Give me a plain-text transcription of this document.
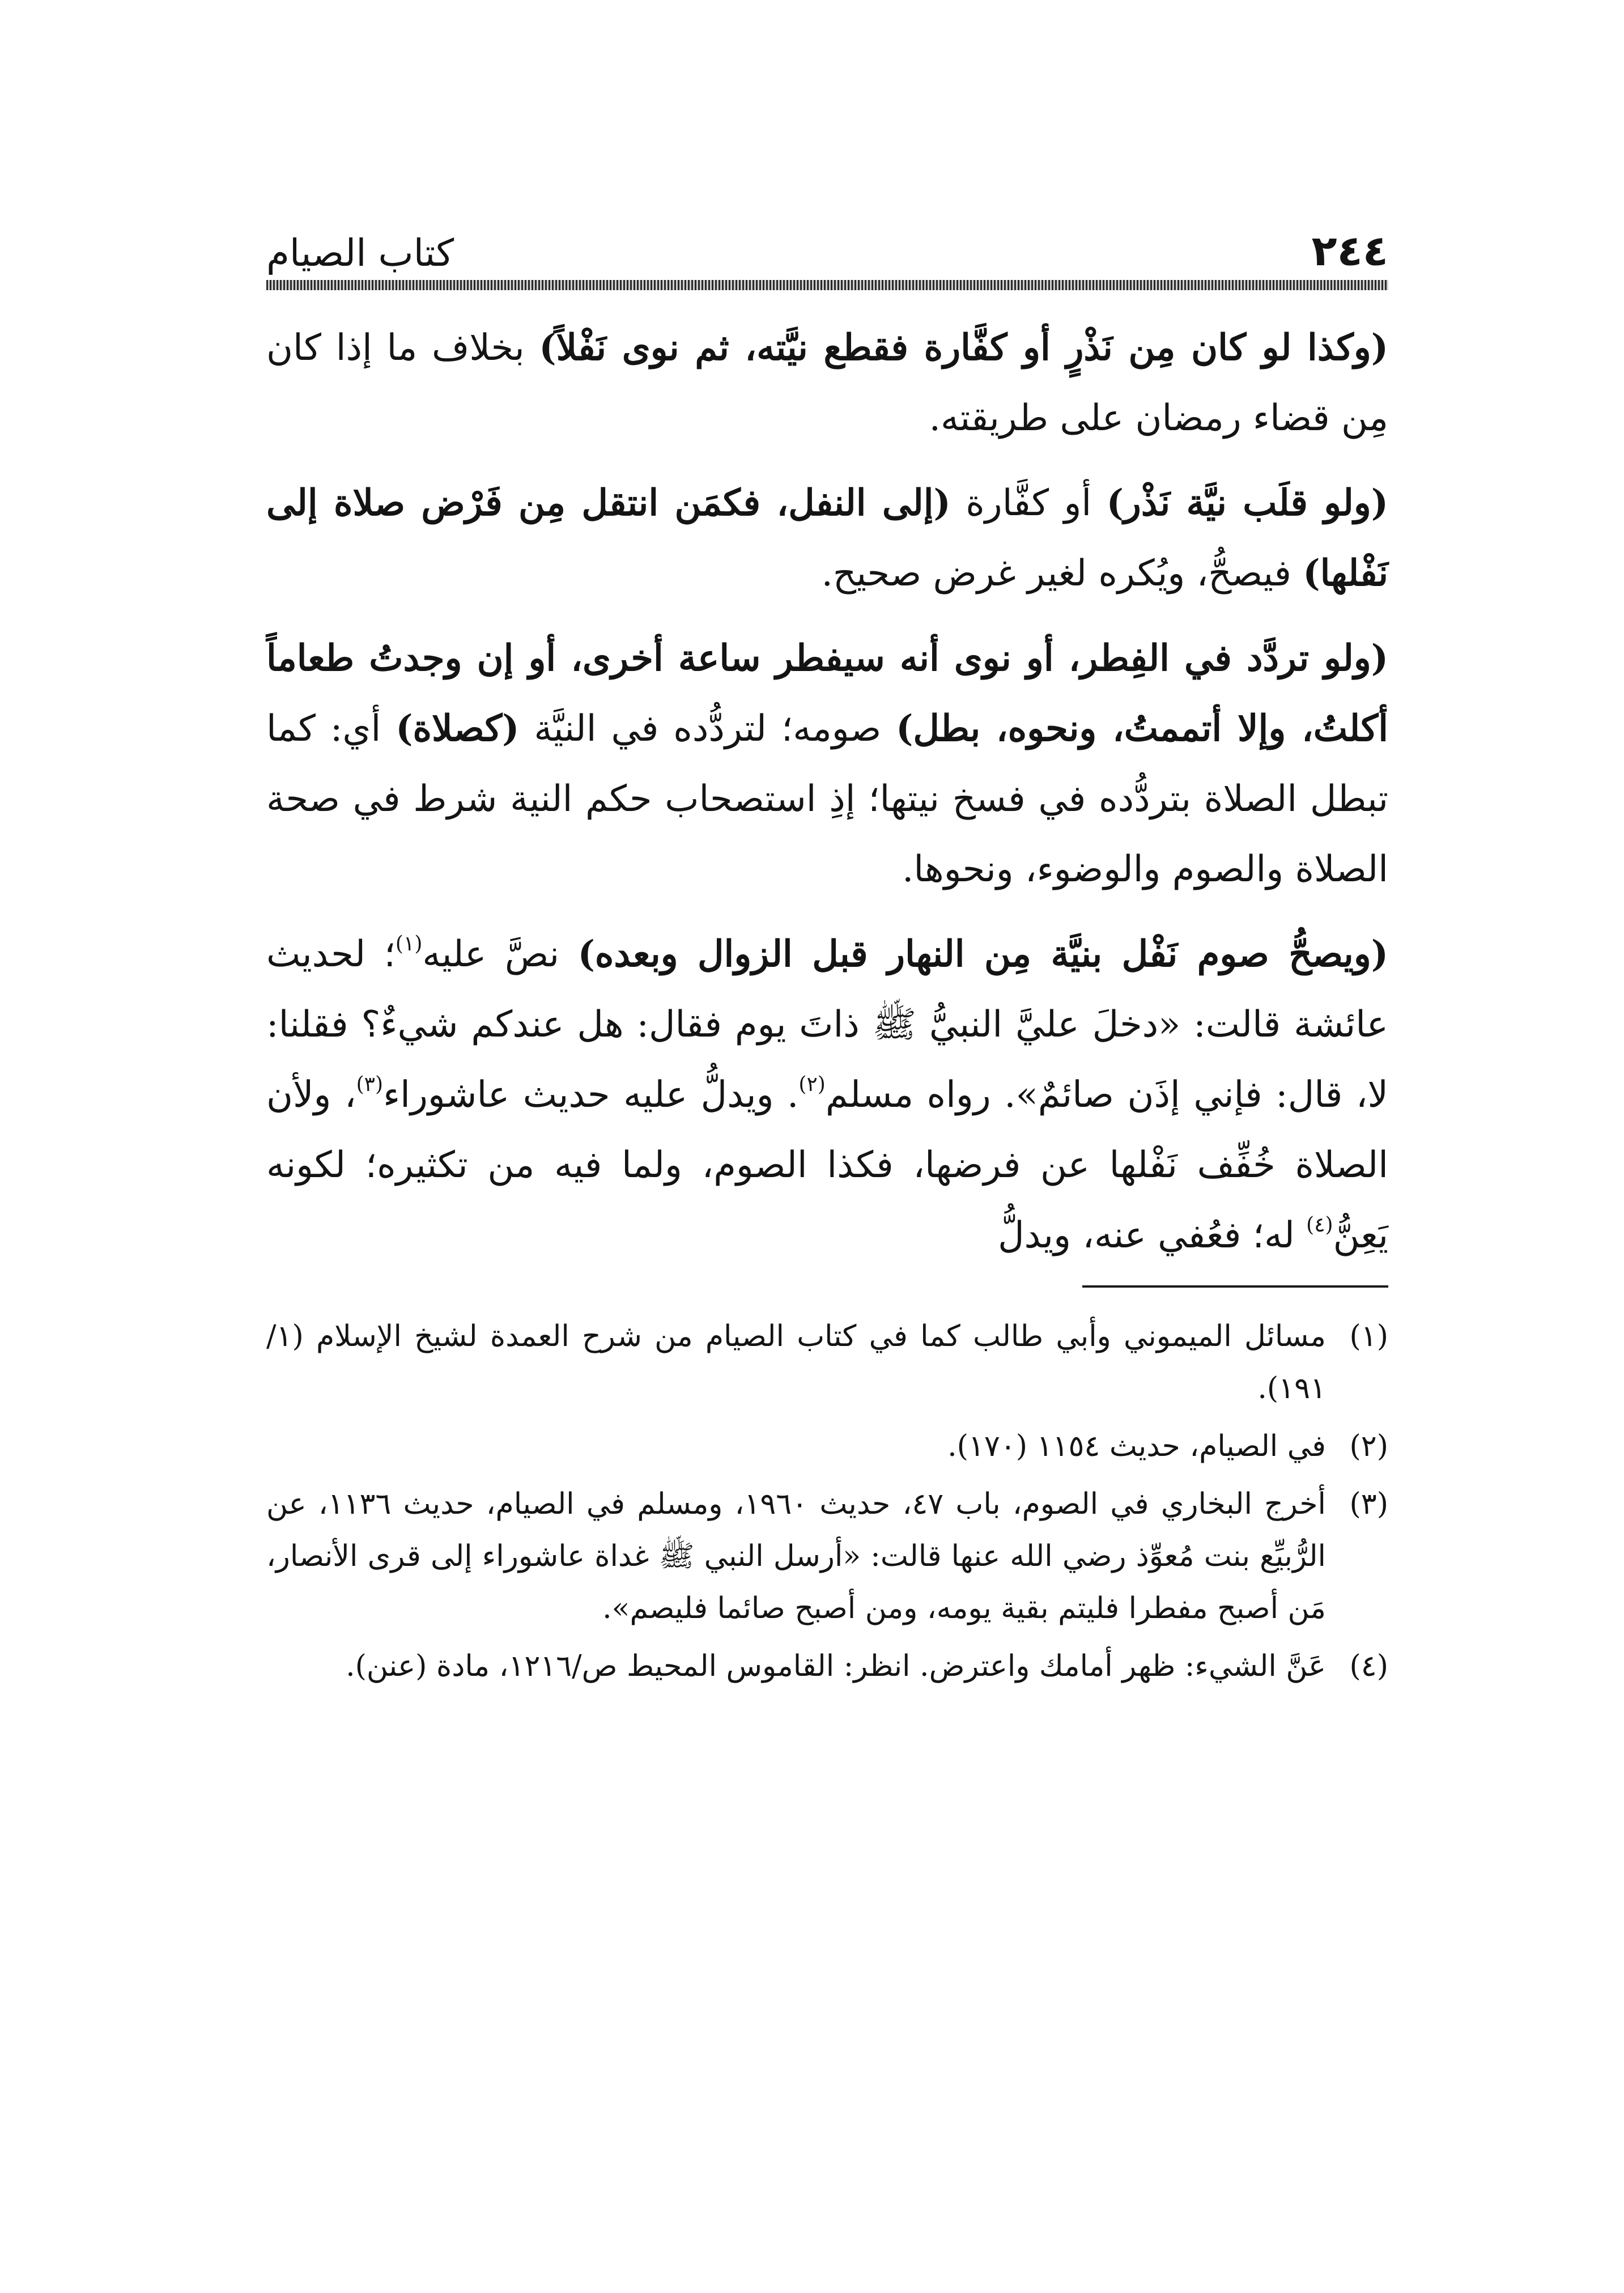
٢٤٤
كتاب الصيام

(وكذا لو كان مِن نَذْرٍ أو كفَّارة فقطع نيَّته، ثم نوى نَفْلاً) بخلاف ما إذا كان مِن قضاء رمضان على طريقته.

(ولو قلَب نيَّة نَذْر) أو كفَّارة (إلى النفل، فكمَن انتقل مِن فَرْض صلاة إلى نَفْلها) فيصحُّ، ويُكره لغير غرض صحيح.

(ولو تردَّد في الفِطر، أو نوى أنه سيفطر ساعة أخرى، أو إن وجدتُ طعاماً أكلتُ، وإلا أتممتُ، ونحوه، بطل) صومه؛ لتردُّده في النيَّة (كصلاة) أي: كما تبطل الصلاة بتردُّده في فسخ نيتها؛ إذِ استصحاب حكم النية شرط في صحة الصلاة والصوم والوضوء، ونحوها.

(ويصحُّ صوم نَفْل بنيَّة مِن النهار قبل الزوال وبعده) نصَّ عليه$^{(١)}$؛ لحديث عائشة قالت: «دخلَ عليَّ النبيُّ ﷺ ذاتَ يوم فقال: هل عندكم شيءٌ؟ فقلنا: لا، قال: فإني إذَن صائمٌ». رواه مسلم$^{(٢)}$. ويدلُّ عليه حديث عاشوراء$^{(٣)}$، ولأن الصلاة خُفِّف نَفْلها عن فرضها، فكذا الصوم، ولما فيه من تكثيره؛ لكونه يَعِنُّ$^{(٤)}$ له؛ فعُفي عنه، ويدلُّ

(١)
مسائل الميموني وأبي طالب كما في كتاب الصيام من شرح العمدة لشيخ الإسلام (١/ ١٩١).
(٢)
في الصيام، حديث ١١٥٤ (١٧٠).
(٣)
أخرج البخاري في الصوم، باب ٤٧، حديث ١٩٦٠، ومسلم في الصيام، حديث ١١٣٦، عن الرُّبيِّع بنت مُعوِّذ رضي الله عنها قالت: «أرسل النبي ﷺ غداة عاشوراء إلى قرى الأنصار، مَن أصبح مفطرا فليتم بقية يومه، ومن أصبح صائما فليصم».
(٤)
عَنَّ الشيء: ظهر أمامك واعترض. انظر: القاموس المحيط ص/١٢١٦، مادة (عنن).
